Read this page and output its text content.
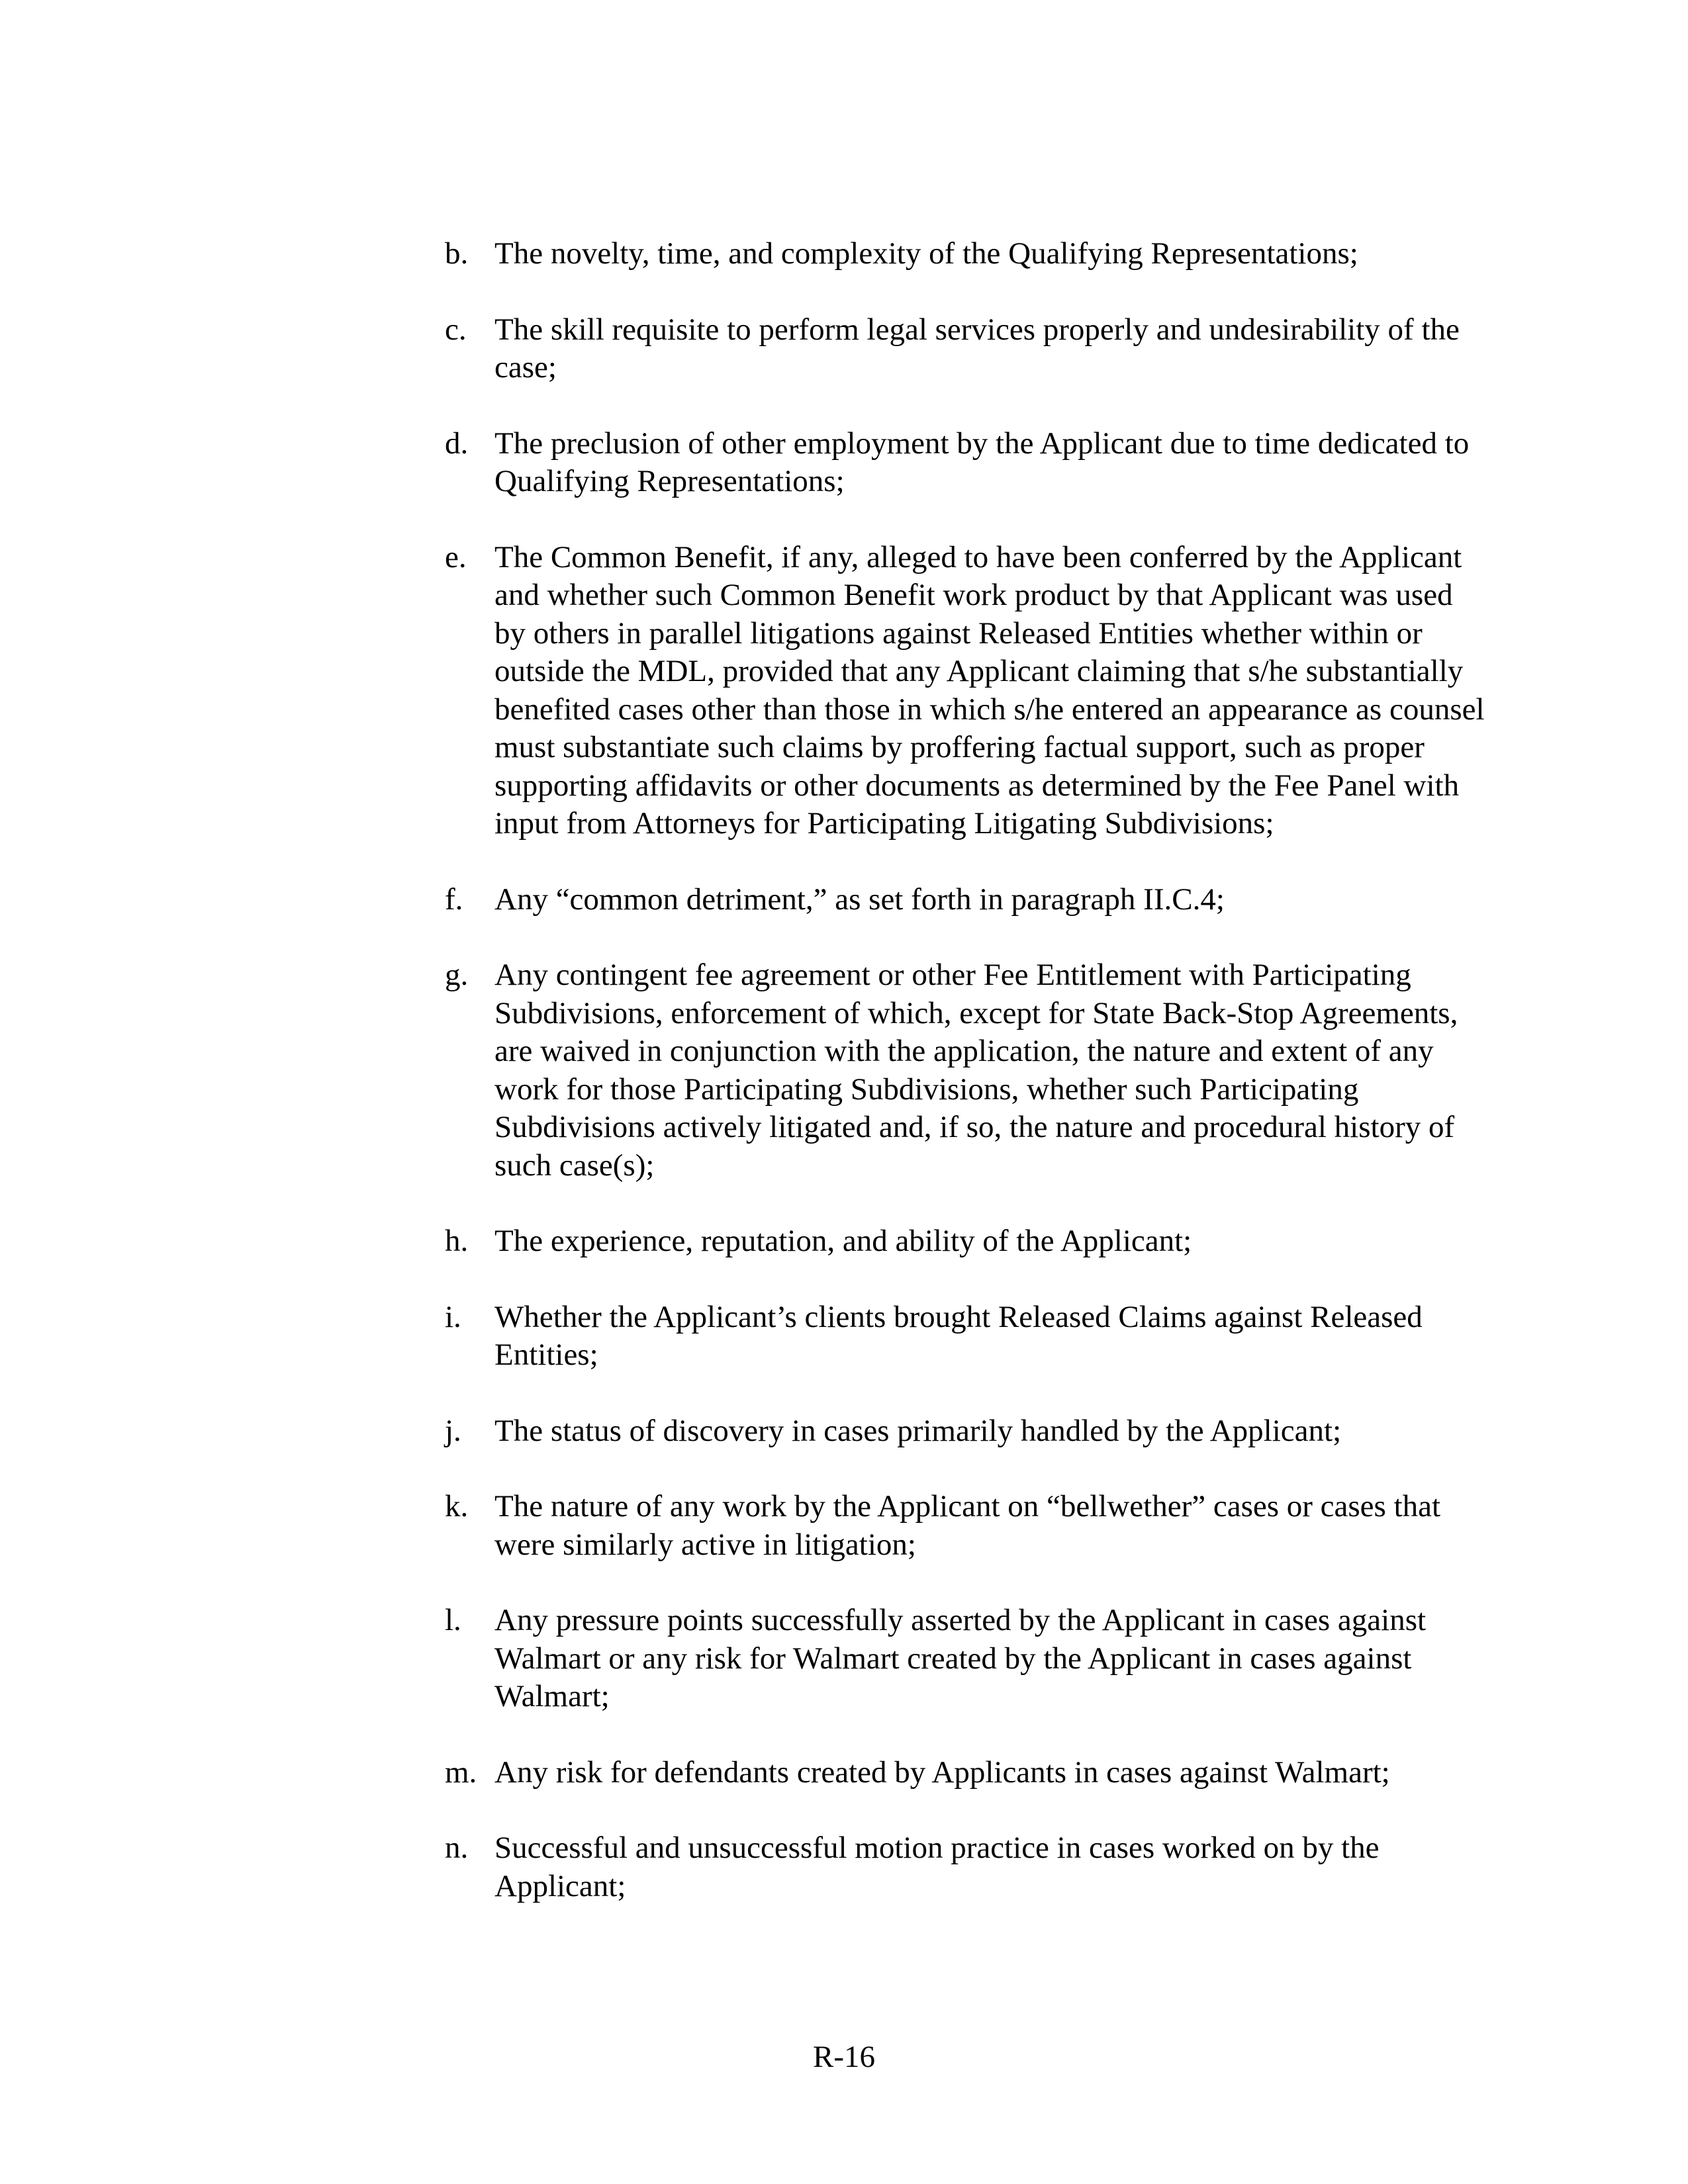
b. The novelty, time, and complexity of the Qualifying Representations;
c. The skill requisite to perform legal services properly and undesirability of the case;
d. The preclusion of other employment by the Applicant due to time dedicated to Qualifying Representations;
e. The Common Benefit, if any, alleged to have been conferred by the Applicant and whether such Common Benefit work product by that Applicant was used by others in parallel litigations against Released Entities whether within or outside the MDL, provided that any Applicant claiming that s/he substantially benefited cases other than those in which s/he entered an appearance as counsel must substantiate such claims by proffering factual support, such as proper supporting affidavits or other documents as determined by the Fee Panel with input from Attorneys for Participating Litigating Subdivisions;
f. Any “common detriment,” as set forth in paragraph II.C.4;
g. Any contingent fee agreement or other Fee Entitlement with Participating Subdivisions, enforcement of which, except for State Back-Stop Agreements, are waived in conjunction with the application, the nature and extent of any work for those Participating Subdivisions, whether such Participating Subdivisions actively litigated and, if so, the nature and procedural history of such case(s);
h. The experience, reputation, and ability of the Applicant;
i. Whether the Applicant’s clients brought Released Claims against Released Entities;
j. The status of discovery in cases primarily handled by the Applicant;
k. The nature of any work by the Applicant on “bellwether” cases or cases that were similarly active in litigation;
l. Any pressure points successfully asserted by the Applicant in cases against Walmart or any risk for Walmart created by the Applicant in cases against Walmart;
m. Any risk for defendants created by Applicants in cases against Walmart;
n. Successful and unsuccessful motion practice in cases worked on by the Applicant;
R-16
